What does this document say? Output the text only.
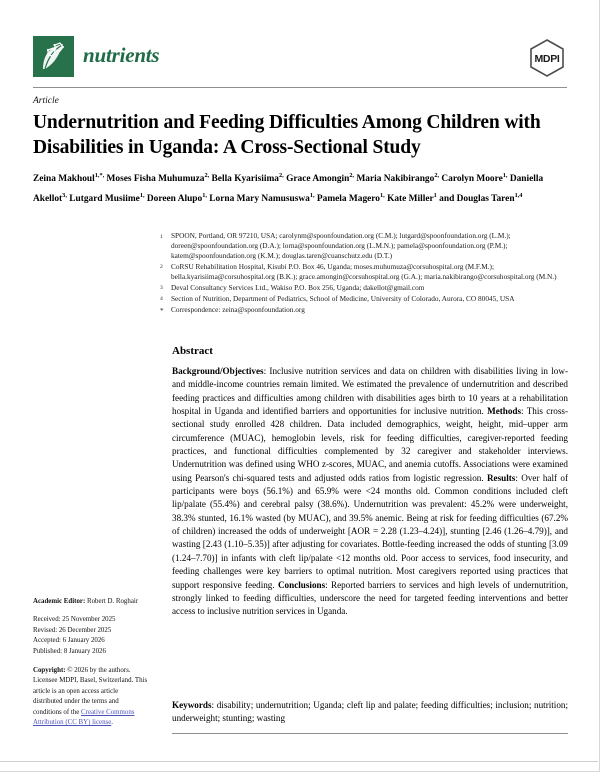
nutrients	MDPI
Article
Undernutrition and Feeding Difficulties Among Children with Disabilities in Uganda: A Cross-Sectional Study
Zeina Makhoul$^{1,*,}$ Moses Fisha Muhumuza$^{2,}$ Bella Kyarisiima$^{2,}$ Grace Amongin$^{2,}$ Maria Nakibirango$^{2,}$ Carolyn Moore$^{1,}$ Daniella Akellot$^{3,}$ Lutgard Musiime$^{1,}$ Doreen Alupo$^{1,}$ Lorna Mary Namususwa$^{1,}$ Pamela Magero$^{1,}$ Kate Miller$^1$ and Douglas Taren$^{1,4}$
1	SPOON, Portland, OR 97210, USA; carolynm@spoonfoundation.org (C.M.); lutgard@spoonfoundation.org (L.M.); doreen@spoonfoundation.org (D.A.); lorna@spoonfoundation.org (L.M.N.); pamela@spoonfoundation.org (P.M.); katem@spoonfoundation.org (K.M.); douglas.taren@cuanschutz.edu (D.T.)
2	CoRSU Rehabilitation Hospital, Kisubi P.O. Box 46, Uganda; moses.muhumuza@corsuhospital.org (M.F.M.); bella.kyarisiima@corsuhospital.org (B.K.); grace.amongin@corsuhospital.org (G.A.); maria.nakibirango@corsuhospital.org (M.N.)
3	Deval Consultancy Services Ltd., Wakiso P.O. Box 256, Uganda; dakellot@gmail.com
4	Section of Nutrition, Department of Pediatrics, School of Medicine, University of Colorado, Aurora, CO 80045, USA
*	Correspondence: zeina@spoonfoundation.org
Academic Editor: Robert D. Roghair
Received: 25 November 2025
Revised: 26 December 2025
Accepted: 6 January 2026
Published: 8 January 2026
Copyright: © 2026 by the authors. Licensee MDPI, Basel, Switzerland. This article is an open access article distributed under the terms and conditions of the Creative Commons Attribution (CC BY) license.
Abstract
Background/Objectives: Inclusive nutrition services and data on children with disabilities living in low- and middle-income countries remain limited. We estimated the prevalence of undernutrition and described feeding practices and difficulties among children with disabilities ages birth to 10 years at a rehabilitation hospital in Uganda and identified barriers and opportunities for inclusive nutrition. Methods: This cross-sectional study enrolled 428 children. Data included demographics, weight, height, mid–upper arm circumference (MUAC), hemoglobin levels, risk for feeding difficulties, caregiver-reported feeding practices, and functional difficulties complemented by 32 caregiver and stakeholder interviews. Undernutrition was defined using WHO z-scores, MUAC, and anemia cutoffs. Associations were examined using Pearson's chi-squared tests and adjusted odds ratios from logistic regression. Results: Over half of participants were boys (56.1%) and 65.9% were <24 months old. Common conditions included cleft lip/palate (55.4%) and cerebral palsy (38.6%). Undernutrition was prevalent: 45.2% were underweight, 38.3% stunted, 16.1% wasted (by MUAC), and 39.5% anemic. Being at risk for feeding difficulties (67.2% of children) increased the odds of underweight [AOR = 2.28 (1.23–4.24)], stunting [2.46 (1.26–4.79)], and wasting [2.43 (1.10–5.35)] after adjusting for covariates. Bottle-feeding increased the odds of stunting [3.09 (1.24–7.70)] in infants with cleft lip/palate <12 months old. Poor access to services, food insecurity, and feeding challenges were key barriers to optimal nutrition. Most caregivers reported using practices that support responsive feeding. Conclusions: Reported barriers to services and high levels of undernutrition, strongly linked to feeding difficulties, underscore the need for targeted feeding interventions and better access to inclusive nutrition services in Uganda.
Keywords: disability; undernutrition; Uganda; cleft lip and palate; feeding difficulties; inclusion; nutrition; underweight; stunting; wasting
